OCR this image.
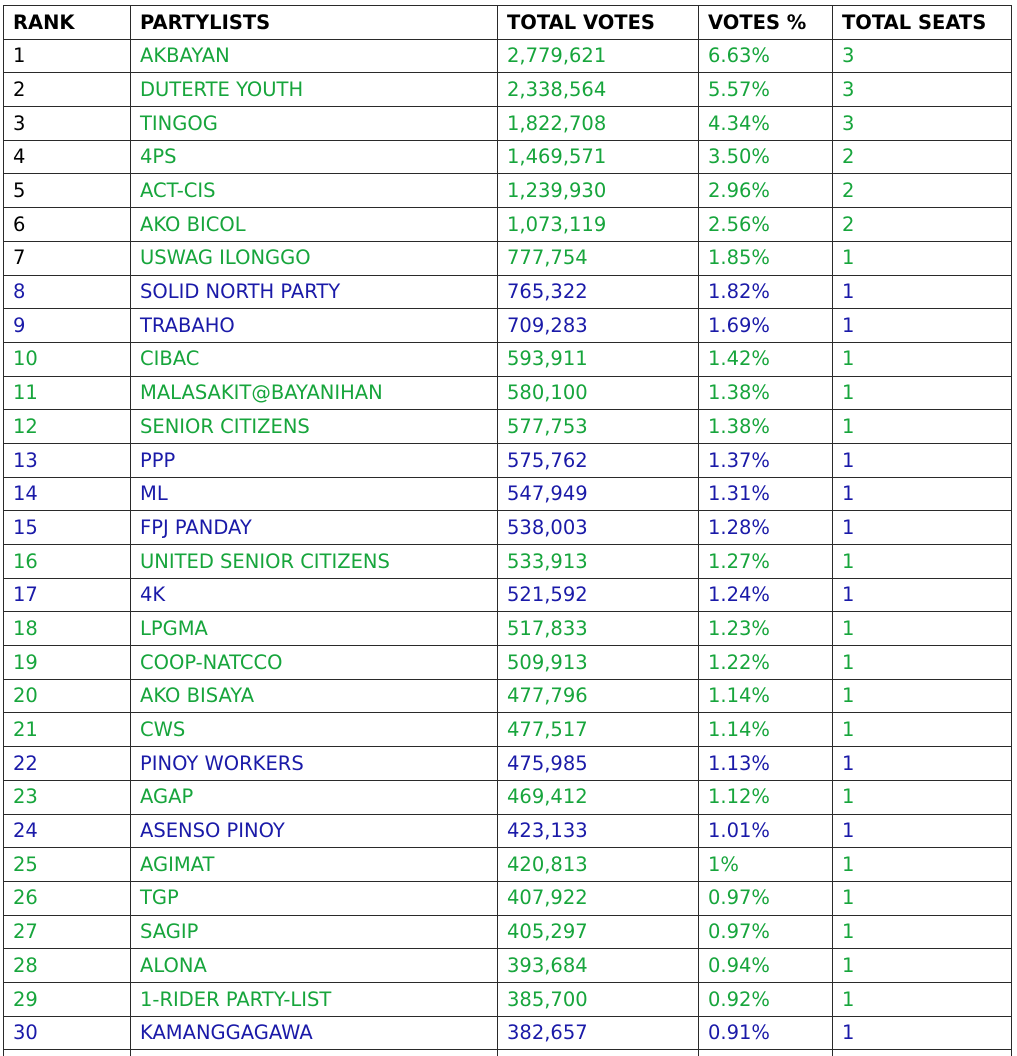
RANK	PARTYLISTS	TOTAL VOTES	VOTES %	TOTAL SEATS
1	AKBAYAN	2,779,621	6.63%	3
2	DUTERTE YOUTH	2,338,564	5.57%	3
3	TINGOG	1,822,708	4.34%	3
4	4PS	1,469,571	3.50%	2
5	ACT-CIS	1,239,930	2.96%	2
6	AKO BICOL	1,073,119	2.56%	2
7	USWAG ILONGGO	777,754	1.85%	1
8	SOLID NORTH PARTY	765,322	1.82%	1
9	TRABAHO	709,283	1.69%	1
10	CIBAC	593,911	1.42%	1
11	MALASAKIT@BAYANIHAN	580,100	1.38%	1
12	SENIOR CITIZENS	577,753	1.38%	1
13	PPP	575,762	1.37%	1
14	ML	547,949	1.31%	1
15	FPJ PANDAY	538,003	1.28%	1
16	UNITED SENIOR CITIZENS	533,913	1.27%	1
17	4K	521,592	1.24%	1
18	LPGMA	517,833	1.23%	1
19	COOP-NATCCO	509,913	1.22%	1
20	AKO BISAYA	477,796	1.14%	1
21	CWS	477,517	1.14%	1
22	PINOY WORKERS	475,985	1.13%	1
23	AGAP	469,412	1.12%	1
24	ASENSO PINOY	423,133	1.01%	1
25	AGIMAT	420,813	1%	1
26	TGP	407,922	0.97%	1
27	SAGIP	405,297	0.97%	1
28	ALONA	393,684	0.94%	1
29	1-RIDER PARTY-LIST	385,700	0.92%	1
30	KAMANGGAGAWA	382,657	0.91%	1
